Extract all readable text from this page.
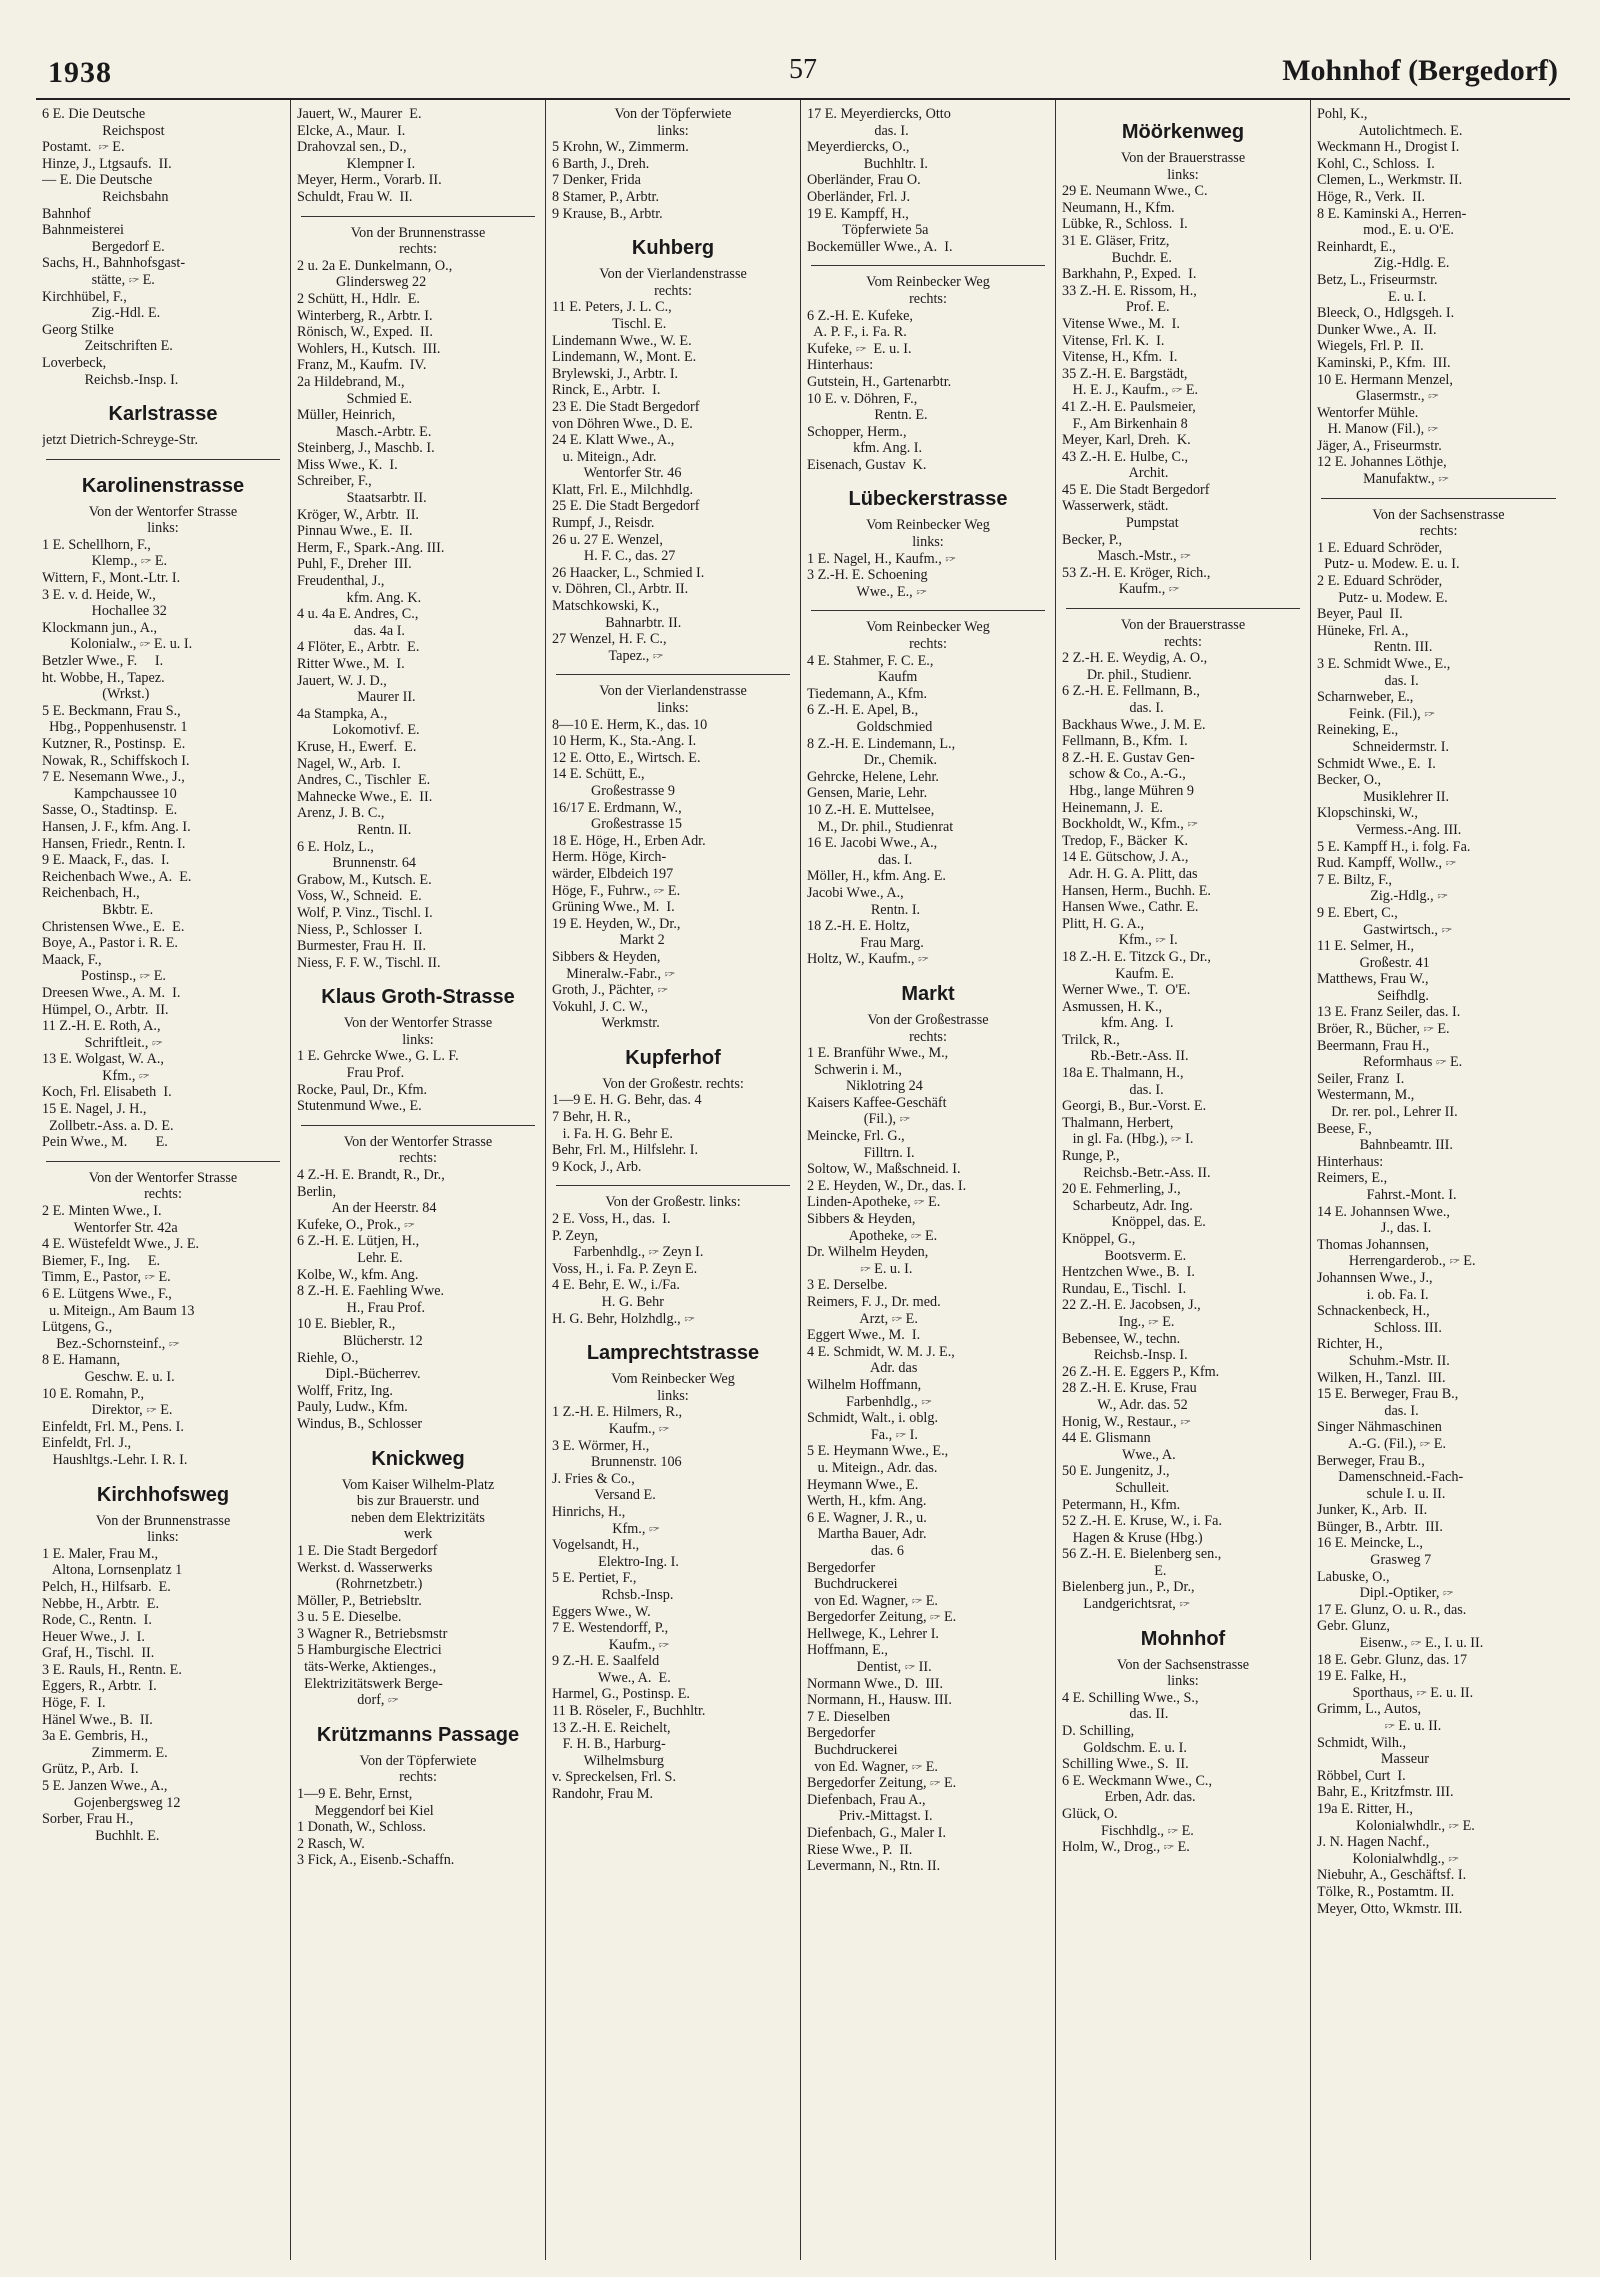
1938	57	Mohnhof (Bergedorf)
6 E. Die Deutsche
Reichspost
Postamt.  🖙 E.
Hinze, J., Ltgsaufs.  II.
— E. Die Deutsche
Reichsbahn
Bahnhof
Bahnmeisterei
Bergedorf E.
Sachs, H., Bahnhofsgast-
stätte, 🖙 E.
Kirchhübel, F.,
Zig.-Hdl. E.
Georg Stilke
Zeitschriften E.
Loverbeck,
Reichsb.-Insp. I.
Karlstrasse
jetzt Dietrich-Schreyge-Str.
Karolinenstrasse
Von der Wentorfer Strasse
links:
1 E. Schellhorn, F.,
Klemp., 🖙 E.
Wittern, F., Mont.-Ltr. I.
3 E. v. d. Heide, W.,
Hochallee 32
Klockmann jun., A.,
Kolonialw., 🖙 E. u. I.
Betzler Wwe., F.     I.
ht. Wobbe, H., Tapez.
(Wrkst.)
5 E. Beckmann, Frau S.,
Hbg., Poppenhusenstr. 1
Kutzner, R., Postinsp.  E.
Nowak, R., Schiffskoch I.
7 E. Nesemann Wwe., J.,
Kampchaussee 10
Sasse, O., Stadtinsp.  E.
Hansen, J. F., kfm. Ang. I.
Hansen, Friedr., Rentn. I.
9 E. Maack, F., das.  I.
Reichenbach Wwe., A.  E.
Reichenbach, H.,
Bkbtr. E.
Christensen Wwe., E.  E.
Boye, A., Pastor i. R. E.
Maack, F.,
Postinsp., 🖙 E.
Dreesen Wwe., A. M.  I.
Hümpel, O., Arbtr.  II.
11 Z.-H. E. Roth, A.,
Schriftleit., 🖙
13 E. Wolgast, W. A.,
Kfm., 🖙
Koch, Frl. Elisabeth  I.
15 E. Nagel, J. H.,
Zollbetr.-Ass. a. D. E.
Pein Wwe., M.        E.
Von der Wentorfer Strasse
rechts:
2 E. Minten Wwe., I.
Wentorfer Str. 42a
4 E. Wüstefeldt Wwe., J. E.
Biemer, F., Ing.     E.
Timm, E., Pastor, 🖙 E.
6 E. Lütgens Wwe., F.,
u. Miteign., Am Baum 13
Lütgens, G.,
Bez.-Schornsteinf., 🖙
8 E. Hamann,
Geschw. E. u. I.
10 E. Romahn, P.,
Direktor, 🖙 E.
Einfeldt, Frl. M., Pens. I.
Einfeldt, Frl. J.,
Haushltgs.-Lehr. I. R. I.
Kirchhofsweg
Von der Brunnenstrasse
links:
1 E. Maler, Frau M.,
Altona, Lornsenplatz 1
Pelch, H., Hilfsarb.  E.
Nebbe, H., Arbtr.  E.
Rode, C., Rentn.  I.
Heuer Wwe., J.  I.
Graf, H., Tischl.  II.
3 E. Rauls, H., Rentn. E.
Eggers, R., Arbtr.  I.
Höge, F.  I.
Hänel Wwe., B.  II.
3a E. Gembris, H.,
Zimmerm. E.
Grütz, P., Arb.  I.
5 E. Janzen Wwe., A.,
Gojenbergsweg 12
Sorber, Frau H.,
Buchhlt. E.
Jauert, W., Maurer  E.
Elcke, A., Maur.  I.
Drahovzal sen., D.,
Klempner I.
Meyer, Herm., Vorarb. II.
Schuldt, Frau W.  II.
Von der Brunnenstrasse
rechts:
2 u. 2a E. Dunkelmann, O.,
Glindersweg 22
2 Schütt, H., Hdlr.  E.
Winterberg, R., Arbtr. I.
Rönisch, W., Exped.  II.
Wohlers, H., Kutsch.  III.
Franz, M., Kaufm.  IV.
2a Hildebrand, M.,
Schmied E.
Müller, Heinrich,
Masch.-Arbtr. E.
Steinberg, J., Maschb. I.
Miss Wwe., K.  I.
Schreiber, F.,
Staatsarbtr. II.
Kröger, W., Arbtr.  II.
Pinnau Wwe., E.  II.
Herm, F., Spark.-Ang. III.
Puhl, F., Dreher  III.
Freudenthal, J.,
kfm. Ang. K.
4 u. 4a E. Andres, C.,
das. 4a I.
4 Flöter, E., Arbtr.  E.
Ritter Wwe., M.  I.
Jauert, W. J. D.,
Maurer II.
4a Stampka, A.,
Lokomotivf. E.
Kruse, H., Ewerf.  E.
Nagel, W., Arb.  I.
Andres, C., Tischler  E.
Mahnecke Wwe., E.  II.
Arenz, J. B. C.,
Rentn. II.
6 E. Holz, L.,
Brunnenstr. 64
Grabow, M., Kutsch. E.
Voss, W., Schneid.  E.
Wolf, P. Vinz., Tischl. I.
Niess, P., Schlosser  I.
Burmester, Frau H.  II.
Niess, F. F. W., Tischl. II.
Klaus Groth-Strasse
Von der Wentorfer Strasse
links:
1 E. Gehrcke Wwe., G. L. F.
Frau Prof.
Rocke, Paul, Dr., Kfm.
Stutenmund Wwe., E.
Von der Wentorfer Strasse
rechts:
4 Z.-H. E. Brandt, R., Dr.,
Berlin,
An der Heerstr. 84
Kufeke, O., Prok., 🖙
6 Z.-H. E. Lütjen, H.,
Lehr. E.
Kolbe, W., kfm. Ang.
8 Z.-H. E. Faehling Wwe.
H., Frau Prof.
10 E. Biebler, R.,
Blücherstr. 12
Riehle, O.,
Dipl.-Bücherrev.
Wolff, Fritz, Ing.
Pauly, Ludw., Kfm.
Windus, B., Schlosser
Knickweg
Vom Kaiser Wilhelm-Platz
bis zur Brauerstr. und
neben dem Elektrizitäts
werk
1 E. Die Stadt Bergedorf
Werkst. d. Wasserwerks
(Rohrnetzbetr.)
Möller, P., Betriebsltr.
3 u. 5 E. Dieselbe.
3 Wagner R., Betriebsmstr
5 Hamburgische Electrici
täts-Werke, Aktienges.,
Elektrizitätswerk Berge-
dorf, 🖙
Krützmanns Passage
Von der Töpferwiete
rechts:
1—9 E. Behr, Ernst,
Meggendorf bei Kiel
1 Donath, W., Schloss.
2 Rasch, W.
3 Fick, A., Eisenb.-Schaffn.
Von der Töpferwiete
links:
5 Krohn, W., Zimmerm.
6 Barth, J., Dreh.
7 Denker, Frida
8 Stamer, P., Arbtr.
9 Krause, B., Arbtr.
Kuhberg
Von der Vierlandenstrasse
rechts:
11 E. Peters, J. L. C.,
Tischl. E.
Lindemann Wwe., W. E.
Lindemann, W., Mont. E.
Brylewski, J., Arbtr. I.
Rinck, E., Arbtr.  I.
23 E. Die Stadt Bergedorf
von Döhren Wwe., D. E.
24 E. Klatt Wwe., A.,
u. Miteign., Adr.
Wentorfer Str. 46
Klatt, Frl. E., Milchhdlg.
25 E. Die Stadt Bergedorf
Rumpf, J., Reisdr.
26 u. 27 E. Wenzel,
H. F. C., das. 27
26 Haacker, L., Schmied I.
v. Döhren, Cl., Arbtr. II.
Matschkowski, K.,
Bahnarbtr. II.
27 Wenzel, H. F. C.,
Tapez., 🖙
Von der Vierlandenstrasse
links:
8—10 E. Herm, K., das. 10
10 Herm, K., Sta.-Ang. I.
12 E. Otto, E., Wirtsch. E.
14 E. Schütt, E.,
Großestrasse 9
16/17 E. Erdmann, W.,
Großestrasse 15
18 E. Höge, H., Erben Adr.
Herm. Höge, Kirch-
wärder, Elbdeich 197
Höge, F., Fuhrw., 🖙 E.
Grüning Wwe., M.  I.
19 E. Heyden, W., Dr.,
Markt 2
Sibbers & Heyden,
Mineralw.-Fabr., 🖙
Groth, J., Pächter, 🖙
Vokuhl, J. C. W.,
Werkmstr.
Kupferhof
Von der Großestr. rechts:
1—9 E. H. G. Behr, das. 4
7 Behr, H. R.,
i. Fa. H. G. Behr E.
Behr, Frl. M., Hilfslehr. I.
9 Kock, J., Arb.
Von der Großestr. links:
2 E. Voss, H., das.  I.
P. Zeyn,
Farbenhdlg., 🖙 Zeyn I.
Voss, H., i. Fa. P. Zeyn E.
4 E. Behr, E. W., i./Fa.
H. G. Behr
H. G. Behr, Holzhdlg., 🖙
Lamprechtstrasse
Vom Reinbecker Weg
links:
1 Z.-H. E. Hilmers, R.,
Kaufm., 🖙
3 E. Wörmer, H.,
Brunnenstr. 106
J. Fries & Co.,
Versand E.
Hinrichs, H.,
Kfm., 🖙
Vogelsandt, H.,
Elektro-Ing. I.
5 E. Pertiet, F.,
Rchsb.-Insp.
Eggers Wwe., W.
7 E. Westendorff, P.,
Kaufm., 🖙
9 Z.-H. E. Saalfeld
Wwe., A.  E.
Harmel, G., Postinsp. E.
11 B. Röseler, F., Buchhltr.
13 Z.-H. E. Reichelt,
F. H. B., Harburg-
Wilhelmsburg
v. Spreckelsen, Frl. S.
Randohr, Frau M.
17 E. Meyerdiercks, Otto
das. I.
Meyerdiercks, O.,
Buchhltr. I.
Oberländer, Frau O.
Oberländer, Frl. J.
19 E. Kampff, H.,
Töpferwiete 5a
Bockemüller Wwe., A.  I.
Vom Reinbecker Weg
rechts:
6 Z.-H. E. Kufeke,
A. P. F., i. Fa. R.
Kufeke, 🖙  E. u. I.
Hinterhaus:
Gutstein, H., Gartenarbtr.
10 E. v. Döhren, F.,
Rentn. E.
Schopper, Herm.,
kfm. Ang. I.
Eisenach, Gustav  K.
Lübeckerstrasse
Vom Reinbecker Weg
links:
1 E. Nagel, H., Kaufm., 🖙
3 Z.-H. E. Schoening
Wwe., E., 🖙
Vom Reinbecker Weg
rechts:
4 E. Stahmer, F. C. E.,
Kaufm
Tiedemann, A., Kfm.
6 Z.-H. E. Apel, B.,
Goldschmied
8 Z.-H. E. Lindemann, L.,
Dr., Chemik.
Gehrcke, Helene, Lehr.
Gensen, Marie, Lehr.
10 Z.-H. E. Muttelsee,
M., Dr. phil., Studienrat
16 E. Jacobi Wwe., A.,
das. I.
Möller, H., kfm. Ang. E.
Jacobi Wwe., A.,
Rentn. I.
18 Z.-H. E. Holtz,
Frau Marg.
Holtz, W., Kaufm., 🖙
Markt
Von der Großestrasse
rechts:
1 E. Branführ Wwe., M.,
Schwerin i. M.,
Niklotring 24
Kaisers Kaffee-Geschäft
(Fil.), 🖙
Meincke, Frl. G.,
Filltrn. I.
Soltow, W., Maßschneid. I.
2 E. Heyden, W., Dr., das. I.
Linden-Apotheke, 🖙 E.
Sibbers & Heyden,
Apotheke, 🖙 E.
Dr. Wilhelm Heyden,
🖙 E. u. I.
3 E. Derselbe.
Reimers, F. J., Dr. med.
Arzt, 🖙 E.
Eggert Wwe., M.  I.
4 E. Schmidt, W. M. J. E.,
Adr. das
Wilhelm Hoffmann,
Farbenhdlg., 🖙
Schmidt, Walt., i. oblg.
Fa., 🖙 I.
5 E. Heymann Wwe., E.,
u. Miteign., Adr. das.
Heymann Wwe., E.
Werth, H., kfm. Ang.
6 E. Wagner, J. R., u.
Martha Bauer, Adr.
das. 6
Bergedorfer
Buchdruckerei
von Ed. Wagner, 🖙 E.
Bergedorfer Zeitung, 🖙 E.
Hellwege, K., Lehrer I.
Hoffmann, E.,
Dentist, 🖙 II.
Normann Wwe., D.  III.
Normann, H., Hausw. III.
7 E. Dieselben
Bergedorfer
Buchdruckerei
von Ed. Wagner, 🖙 E.
Bergedorfer Zeitung, 🖙 E.
Diefenbach, Frau A.,
Priv.-Mittagst. I.
Diefenbach, G., Maler I.
Riese Wwe., P.  II.
Levermann, N., Rtn. II.
Möörkenweg
Von der Brauerstrasse
links:
29 E. Neumann Wwe., C.
Neumann, H., Kfm.
Lübke, R., Schloss.  I.
31 E. Gläser, Fritz,
Buchdr. E.
Barkhahn, P., Exped.  I.
33 Z.-H. E. Rissom, H.,
Prof. E.
Vitense Wwe., M.  I.
Vitense, Frl. K.  I.
Vitense, H., Kfm.  I.
35 Z.-H. E. Bargstädt,
H. E. J., Kaufm., 🖙 E.
41 Z.-H. E. Paulsmeier,
F., Am Birkenhain 8
Meyer, Karl, Dreh.  K.
43 Z.-H. E. Hulbe, C.,
Archit.
45 E. Die Stadt Bergedorf
Wasserwerk, städt.
Pumpstat
Becker, P.,
Masch.-Mstr., 🖙
53 Z.-H. E. Kröger, Rich.,
Kaufm., 🖙
Von der Brauerstrasse
rechts:
2 Z.-H. E. Weydig, A. O.,
Dr. phil., Studienr.
6 Z.-H. E. Fellmann, B.,
das. I.
Backhaus Wwe., J. M. E.
Fellmann, B., Kfm.  I.
8 Z.-H. E. Gustav Gen-
schow & Co., A.-G.,
Hbg., lange Mühren 9
Heinemann, J.  E.
Bockholdt, W., Kfm., 🖙
Tredop, F., Bäcker  K.
14 E. Gütschow, J. A.,
Adr. H. G. A. Plitt, das
Hansen, Herm., Buchh. E.
Hansen Wwe., Cathr. E.
Plitt, H. G. A.,
Kfm., 🖙 I.
18 Z.-H. E. Titzck G., Dr.,
Kaufm. E.
Werner Wwe., T.  O'E.
Asmussen, H. K.,
kfm. Ang.  I.
Trilck, R.,
Rb.-Betr.-Ass. II.
18a E. Thalmann, H.,
das. I.
Georgi, B., Bur.-Vorst. E.
Thalmann, Herbert,
in gl. Fa. (Hbg.), 🖙 I.
Runge, P.,
Reichsb.-Betr.-Ass. II.
20 E. Fehmerling, J.,
Scharbeutz, Adr. Ing.
Knöppel, das. E.
Knöppel, G.,
Bootsverm. E.
Hentzchen Wwe., B.  I.
Rundau, E., Tischl.  I.
22 Z.-H. E. Jacobsen, J.,
Ing., 🖙 E.
Bebensee, W., techn.
Reichsb.-Insp. I.
26 Z.-H. E. Eggers P., Kfm.
28 Z.-H. E. Kruse, Frau
W., Adr. das. 52
Honig, W., Restaur., 🖙
44 E. Glismann
Wwe., A.
50 E. Jungenitz, J.,
Schulleit.
Petermann, H., Kfm.
52 Z.-H. E. Kruse, W., i. Fa.
Hagen & Kruse (Hbg.)
56 Z.-H. E. Bielenberg sen.,
E.
Bielenberg jun., P., Dr.,
Landgerichtsrat, 🖙
Mohnhof
Von der Sachsenstrasse
links:
4 E. Schilling Wwe., S.,
das. II.
D. Schilling,
Goldschm. E. u. I.
Schilling Wwe., S.  II.
6 E. Weckmann Wwe., C.,
Erben, Adr. das.
Glück, O.
Fischhdlg., 🖙 E.
Holm, W., Drog., 🖙 E.
Pohl, K.,
Autolichtmech. E.
Weckmann H., Drogist I.
Kohl, C., Schloss.  I.
Clemen, L., Werkmstr. II.
Höge, R., Verk.  II.
8 E. Kaminski A., Herren-
mod., E. u. O'E.
Reinhardt, E.,
Zig.-Hdlg. E.
Betz, L., Friseurmstr.
E. u. I.
Bleeck, O., Hdlgsgeh. I.
Dunker Wwe., A.  II.
Wiegels, Frl. P.  II.
Kaminski, P., Kfm.  III.
10 E. Hermann Menzel,
Glasermstr., 🖙
Wentorfer Mühle.
H. Manow (Fil.), 🖙
Jäger, A., Friseurmstr.
12 E. Johannes Löthje,
Manufaktw., 🖙
Von der Sachsenstrasse
rechts:
1 E. Eduard Schröder,
Putz- u. Modew. E. u. I.
2 E. Eduard Schröder,
Putz- u. Modew. E.
Beyer, Paul  II.
Hüneke, Frl. A.,
Rentn. III.
3 E. Schmidt Wwe., E.,
das. I.
Scharnweber, E.,
Feink. (Fil.), 🖙
Reineking, E.,
Schneidermstr. I.
Schmidt Wwe., E.  I.
Becker, O.,
Musiklehrer II.
Klopschinski, W.,
Vermess.-Ang. III.
5 E. Kampff H., i. folg. Fa.
Rud. Kampff, Wollw., 🖙
7 E. Biltz, F.,
Zig.-Hdlg., 🖙
9 E. Ebert, C.,
Gastwirtsch., 🖙
11 E. Selmer, H.,
Großestr. 41
Matthews, Frau W.,
Seifhdlg.
13 E. Franz Seiler, das. I.
Bröer, R., Bücher, 🖙 E.
Beermann, Frau H.,
Reformhaus 🖙 E.
Seiler, Franz  I.
Westermann, M.,
Dr. rer. pol., Lehrer II.
Beese, F.,
Bahnbeamtr. III.
Hinterhaus:
Reimers, E.,
Fahrst.-Mont. I.
14 E. Johannsen Wwe.,
J., das. I.
Thomas Johannsen,
Herrengarderob., 🖙 E.
Johannsen Wwe., J.,
i. ob. Fa. I.
Schnackenbeck, H.,
Schloss. III.
Richter, H.,
Schuhm.-Mstr. II.
Wilken, H., Tanzl.  III.
15 E. Berweger, Frau B.,
das. I.
Singer Nähmaschinen
A.-G. (Fil.), 🖙 E.
Berweger, Frau B.,
Damenschneid.-Fach-
schule I. u. II.
Junker, K., Arb.  II.
Bünger, B., Arbtr.  III.
16 E. Meincke, L.,
Grasweg 7
Labuske, O.,
Dipl.-Optiker, 🖙
17 E. Glunz, O. u. R., das.
Gebr. Glunz,
Eisenw., 🖙 E., I. u. II.
18 E. Gebr. Glunz, das. 17
19 E. Falke, H.,
Sporthaus, 🖙 E. u. II.
Grimm, L., Autos,
🖙 E. u. II.
Schmidt, Wilh.,
Masseur
Röbbel, Curt  I.
Bahr, E., Kritzfmstr. III.
19a E. Ritter, H.,
Kolonialwhdlr., 🖙 E.
J. N. Hagen Nachf.,
Kolonialwhdlg., 🖙
Niebuhr, A., Geschäftsf. I.
Tölke, R., Postamtm. II.
Meyer, Otto, Wkmstr. III.
